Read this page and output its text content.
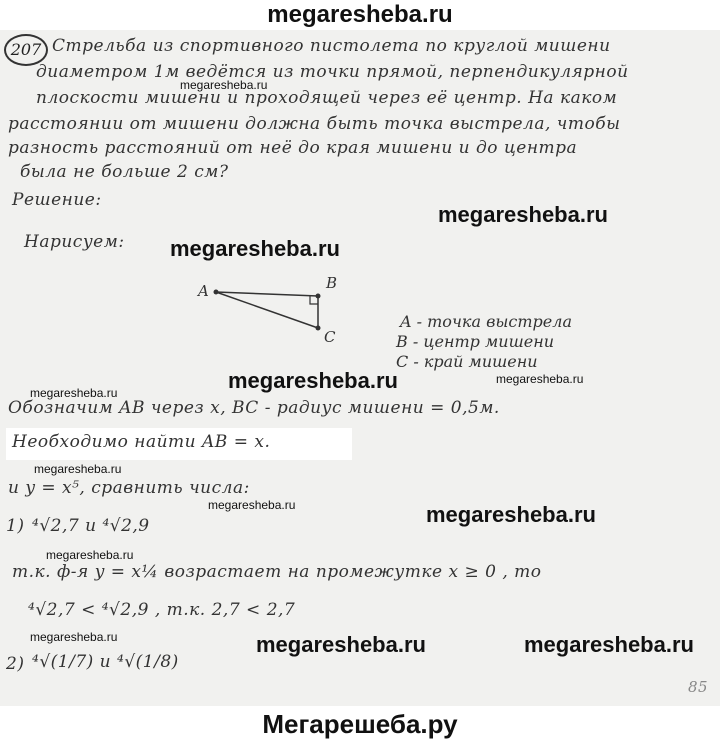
megaresheba.ru
207 Стрельба из спортивного пистолета по круглой мишени
диаметром 1м ведётся из точки прямой, перпендикулярной
плоскости мишени и проходящей через её центр. На каком
расстоянии от мишени должна быть точка выстрела, чтобы
разность расстояний от неё до края мишени и до центра
была не больше 2 см?
Решение:
Нарисуем:
A	B
C
A - точка выстрела
B - центр мишени
C - край мишени
Обозначим AB через x, BC - радиус мишени = 0,5м.
Необходимо найти AB = x.
и y = x⁵, сравнить числа:
1) ⁴√2,7 и ⁴√2,9
т.к. ф-я y = x¼ возрастает на промежутке x ≥ 0 , то
⁴√2,7 < ⁴√2,9 , т.к. 2,7 < 2,7
2) ⁴√(1/7) и ⁴√(1/8)
85
megaresheba.ru
megaresheba.ru
megaresheba.ru
megaresheba.ru
megaresheba.ru	megaresheba.ru
megaresheba.ru
megaresheba.ru
megaresheba.ru
megaresheba.ru
megaresheba.ru
megaresheba.ru
megaresheba.ru
Мегарешеба.ру
